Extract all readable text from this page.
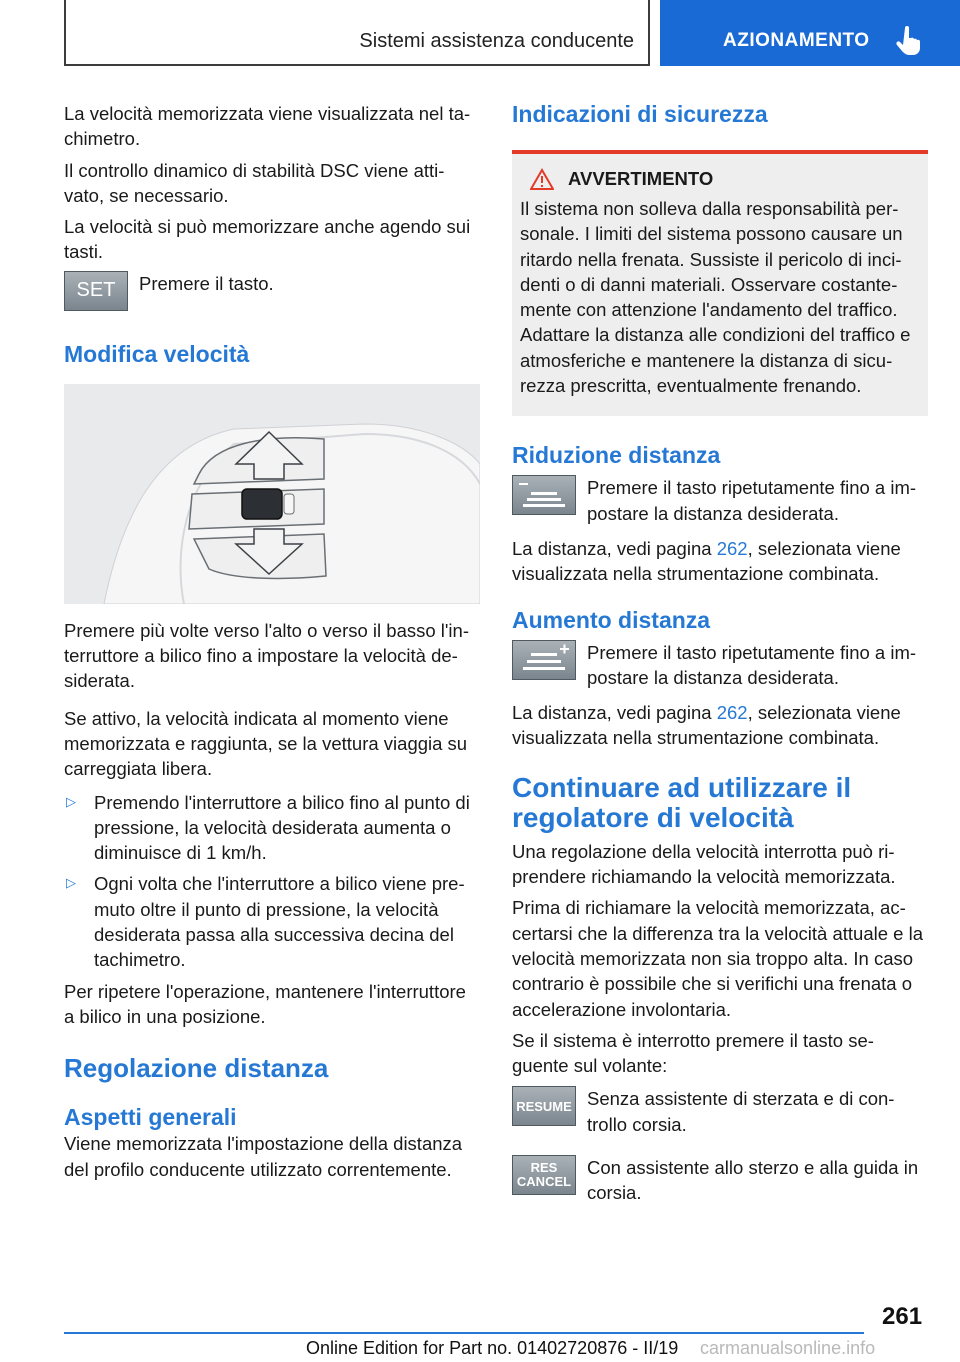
Sistemi assistenza conducente	AZIONAMENTO

La velocità memorizzata viene visualizzata nel ta-chimetro.

Il controllo dinamico di stabilità DSC viene atti-vato, se necessario.

La velocità si può memorizzare anche agendo sui tasti.

SET Premere il tasto.
Modifica velocità

Premere più volte verso l'alto o verso il basso l'in-terruttore a bilico fino a impostare la velocità de-siderata.

Se attivo, la velocità indicata al momento viene memorizzata e raggiunta, se la vettura viaggia su carreggiata libera.

▷ Premendo l'interruttore a bilico fino al punto di pressione, la velocità desiderata aumenta o diminuisce di 1 km/h.
▷ Ogni volta che l'interruttore a bilico viene pre-muto oltre il punto di pressione, la velocità desiderata passa alla successiva decina del tachimetro.

Per ripetere l'operazione, mantenere l'interruttore a bilico in una posizione.

Regolazione distanza
Aspetti generali

Viene memorizzata l'impostazione della distanza del profilo conducente utilizzato correntemente.

Indicazioni di sicurezza
AVVERTIMENTO

Il sistema non solleva dalla responsabilità per-sonale. I limiti del sistema possono causare un ritardo nella frenata. Sussiste il pericolo di inci-denti o di danni materiali. Osservare costante-mente con attenzione l'andamento del traffico. Adattare la distanza alle condizioni del traffico e atmosferiche e mantenere la distanza di sicu-rezza prescritta, eventualmente frenando.

Riduzione distanza
Premere il tasto ripetutamente fino a im-postare la distanza desiderata.

La distanza, vedi pagina 262, selezionata viene visualizzata nella strumentazione combinata.

Aumento distanza
Premere il tasto ripetutamente fino a im-postare la distanza desiderata.

La distanza, vedi pagina 262, selezionata viene visualizzata nella strumentazione combinata.

Continuare ad utilizzare il regolatore di velocità

Una regolazione della velocità interrotta può ri-prendere richiamando la velocità memorizzata.

Prima di richiamare la velocità memorizzata, ac-certarsi che la differenza tra la velocità attuale e la velocità memorizzata non sia troppo alta. In caso contrario è possibile che si verifichi una frenata o accelerazione involontaria.

Se il sistema è interrotto premere il tasto se-guente sul volante:

RESUME Senza assistente di sterzata e di con-trollo corsia.
RES
CANCEL
Con assistente allo sterzo e alla guida in corsia.
261
Online Edition for Part no. 01402720876 - II/19 carmanualsonline.info
